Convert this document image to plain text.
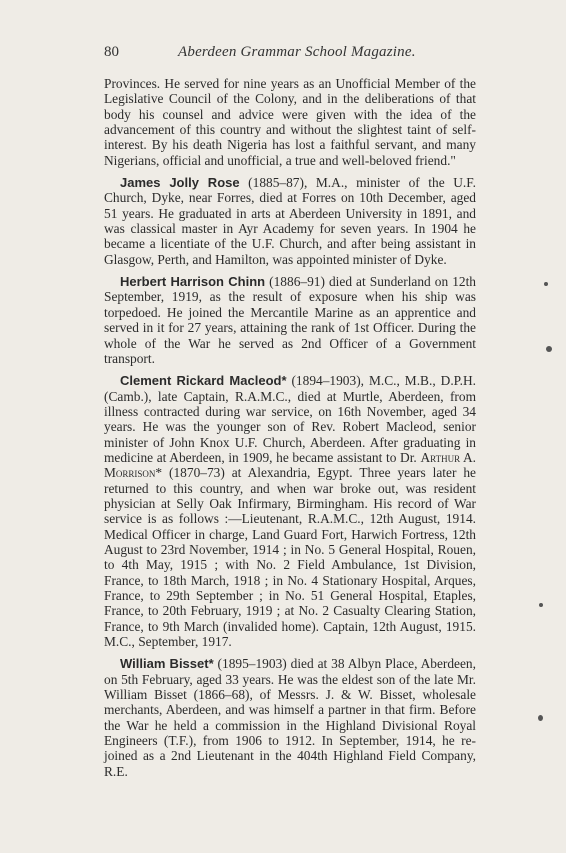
80	Aberdeen Grammar School Magazine.

Provinces. He served for nine years as an Unofficial Member of the Legislative Council of the Colony, and in the deliberations of that body his counsel and advice were given with the idea of the advancement of this country and without the slightest taint of self-interest. By his death Nigeria has lost a faithful servant, and many Nigerians, official and unofficial, a true and well-beloved friend."

James Jolly Rose (1885–87), M.A., minister of the U.F. Church, Dyke, near Forres, died at Forres on 10th December, aged 51 years. He graduated in arts at Aberdeen University in 1891, and was classical master in Ayr Academy for seven years. In 1904 he became a licentiate of the U.F. Church, and after being assistant in Glasgow, Perth, and Hamilton, was appointed minister of Dyke.

Herbert Harrison Chinn (1886–91) died at Sunderland on 12th September, 1919, as the result of exposure when his ship was torpedoed. He joined the Mercantile Marine as an apprentice and served in it for 27 years, attaining the rank of 1st Officer. During the whole of the War he served as 2nd Officer of a Government transport.

Clement Rickard Macleod* (1894–1903), M.C., M.B., D.P.H. (Camb.), late Captain, R.A.M.C., died at Murtle, Aberdeen, from illness contracted during war service, on 16th November, aged 34 years. He was the younger son of Rev. Robert Macleod, senior minister of John Knox U.F. Church, Aberdeen. After graduating in medicine at Aberdeen, in 1909, he became assistant to Dr. Arthur A. Morrison* (1870–73) at Alexandria, Egypt. Three years later he returned to this country, and when war broke out, was resident physician at Selly Oak Infirmary, Birmingham. His record of War service is as follows :—Lieutenant, R.A.M.C., 12th August, 1914. Medical Officer in charge, Land Guard Fort, Harwich Fortress, 12th August to 23rd November, 1914 ; in No. 5 General Hospital, Rouen, to 4th May, 1915 ; with No. 2 Field Ambulance, 1st Division, France, to 18th March, 1918 ; in No. 4 Stationary Hospital, Arques, France, to 29th September ; in No. 51 General Hospital, Etaples, France, to 20th February, 1919 ; at No. 2 Casualty Clearing Station, France, to 9th March (invalided home). Captain, 12th August, 1915. M.C., September, 1917.

William Bisset* (1895–1903) died at 38 Albyn Place, Aberdeen, on 5th February, aged 33 years. He was the eldest son of the late Mr. William Bisset (1866–68), of Messrs. J. & W. Bisset, wholesale merchants, Aberdeen, and was himself a partner in that firm. Before the War he held a commission in the Highland Divisional Royal Engineers (T.F.), from 1906 to 1912. In September, 1914, he re-joined as a 2nd Lieutenant in the 404th Highland Field Company, R.E.
